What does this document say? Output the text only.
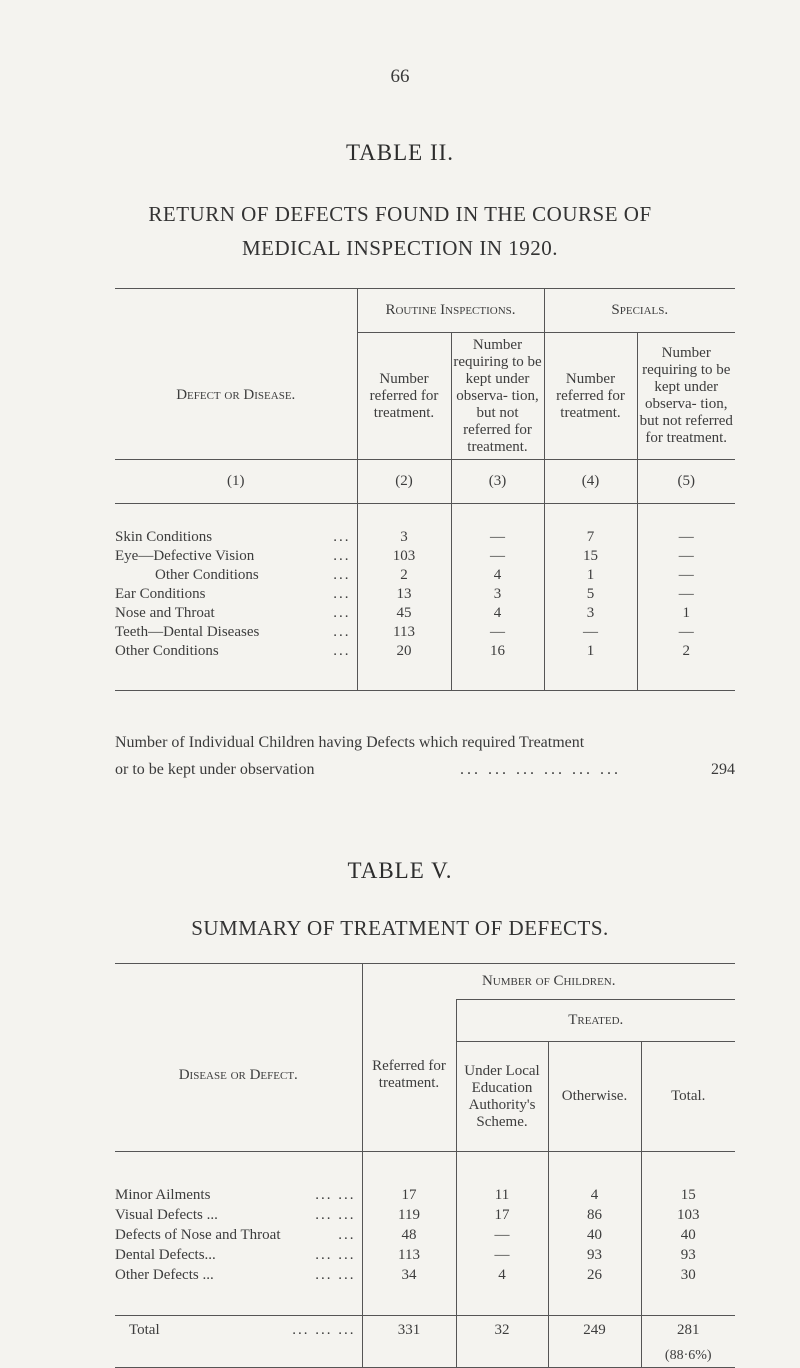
66
TABLE II.
RETURN OF DEFECTS FOUND IN THE COURSE OF
MEDICAL INSPECTION IN 1920.
	Routine Inspections.		Specials.	
Defect or Disease.	Number referred for treatment.	Number requiring to be kept under observa- tion, but not referred for treatment.	Number referred for treatment.	Number requiring to be kept under observa- tion, but not referred for treatment.
(1)	(2)	(3)	(4)	(5)

Skin Conditions ...	3	—	7	—
Eye—Defective Vision ...	103	—	15	—
Other Conditions ...	2	4	1	—
Ear Conditions ...	13	3	5	—
Nose and Throat ...	45	4	3	1
Teeth—Dental Diseases ...	113	—	—	—
Other Conditions ...	20	16	1	2

Number of Individual Children having Defects which required Treatment
or to be kept under observation	... ... ... ... ... ...	294
TABLE V.
SUMMARY OF TREATMENT OF DEFECTS.
	Number of Children.			
Disease or Defect.	Referred for treatment.	Treated.		
		Under Local Education Authority's Scheme.	Otherwise.	Total.

Minor Ailments ... ...	17	11	4	15
Visual Defects ... ... ...	119	17	86	103
Defects of Nose and Throat ...	48	—	40	40
Dental Defects... ... ...	113	—	93	93
Other Defects ... ... ...	34	4	26	30

Total ... ... ...	331	32	249	281
				(88·6%)
